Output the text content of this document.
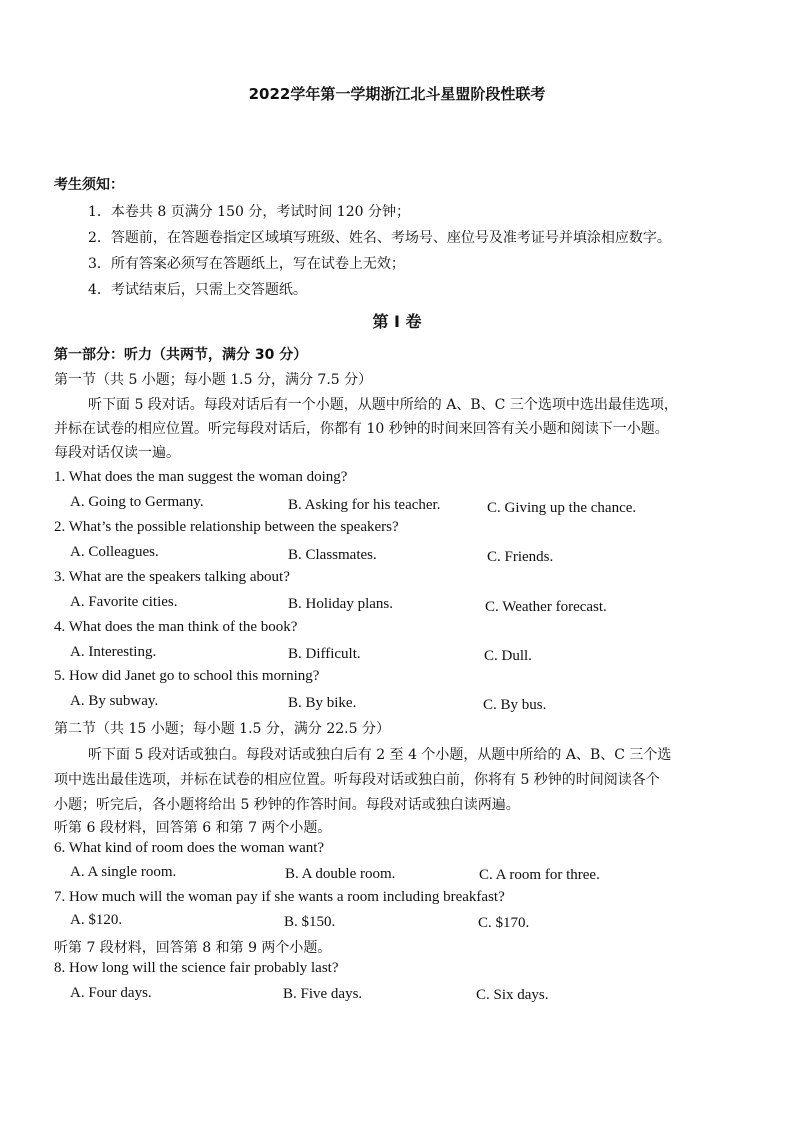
2022学年第一学期浙江北斗星盟阶段性联考
考生须知：
1．本卷共 8 页满分 150 分，考试时间 120 分钟；
2．答题前，在答题卷指定区域填写班级、姓名、考场号、座位号及准考证号并填涂相应数字。
3．所有答案必须写在答题纸上，写在试卷上无效；
4．考试结束后，只需上交答题纸。
第 I 卷
第一部分：听力（共两节，满分 30 分）
第一节（共 5 小题；每小题 1.5 分，满分 7.5 分）
听下面 5 段对话。每段对话后有一个小题，从题中所给的 A、B、C 三个选项中选出最佳选项，
并标在试卷的相应位置。听完每段对话后，你都有 10 秒钟的时间来回答有关小题和阅读下一小题。
每段对话仅读一遍。
1. What does the man suggest the woman doing?
A. Going to Germany.	B. Asking for his teacher.	C. Giving up the chance.
2. What’s the possible relationship between the speakers?
A. Colleagues.	B. Classmates.	C. Friends.
3. What are the speakers talking about?
A. Favorite cities.	B. Holiday plans.	C. Weather forecast.
4. What does the man think of the book?
A. Interesting.	B. Difficult.	C. Dull.
5. How did Janet go to school this morning?
A. By subway.	B. By bike.	C. By bus.
第二节（共 15 小题；每小题 1.5 分，满分 22.5 分）
听下面 5 段对话或独白。每段对话或独白后有 2 至 4 个小题，从题中所给的 A、B、C 三个选
项中选出最佳选项，并标在试卷的相应位置。听每段对话或独白前，你将有 5 秒钟的时间阅读各个
小题；听完后，各小题将给出 5 秒钟的作答时间。每段对话或独白读两遍。
听第 6 段材料，回答第 6 和第 7 两个小题。
6. What kind of room does the woman want?
A. A single room.	B. A double room.	C. A room for three.
7. How much will the woman pay if she wants a room including breakfast?
A. $120.	B. $150.	C. $170.
听第 7 段材料，回答第 8 和第 9 两个小题。
8. How long will the science fair probably last?
A. Four days.	B. Five days.	C. Six days.
